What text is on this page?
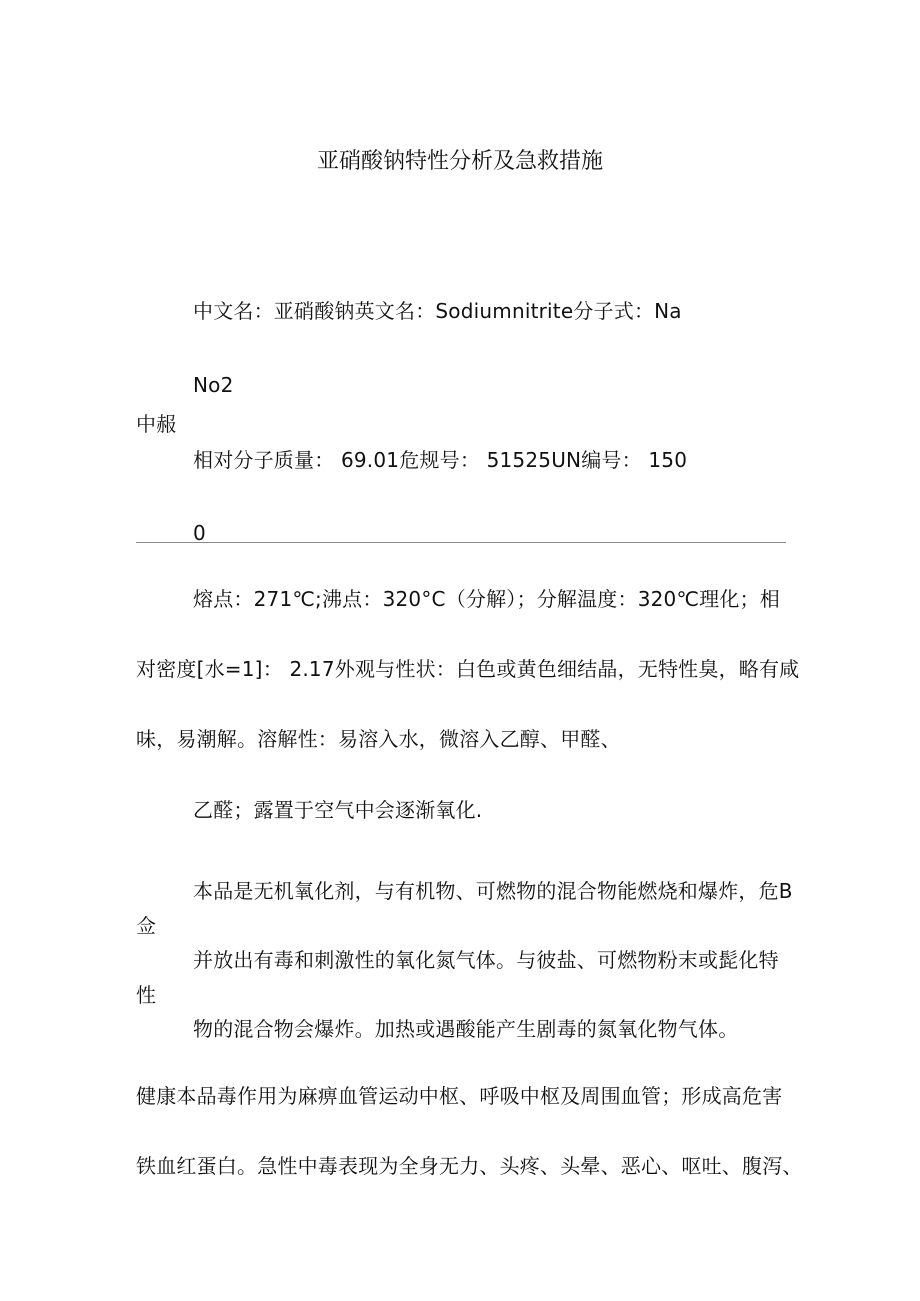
亚硝酸钠特性分析及急救措施
中文名：亚硝酸钠英文名：Sodiumnitrite分子式：Na
No2
中赧
相对分子质量： 69.01危规号： 51525UN编号： 150
0
熔点：271℃;沸点：320°C（分解）；分解温度：320℃理化；相
对密度[水=1]： 2.17外观与性状：白色或黄色细结晶，无特性臭，略有咸
味，易潮解。溶解性：易溶入水，微溶入乙醇、甲醛、
乙醛；露置于空气中会逐渐氧化.
本品是无机氧化剂，与有机物、可燃物的混合物能燃烧和爆炸，危B
佥
并放出有毒和刺激性的氧化氮气体。与彼盐、可燃物粉末或髭化特
性
物的混合物会爆炸。加热或遇酸能产生剧毒的氮氧化物气体。
健康本品毒作用为麻痹血管运动中枢、呼吸中枢及周围血管；形成高危害
铁血红蛋白。急性中毒表现为全身无力、头疼、头晕、恶心、呕吐、腹泻、
